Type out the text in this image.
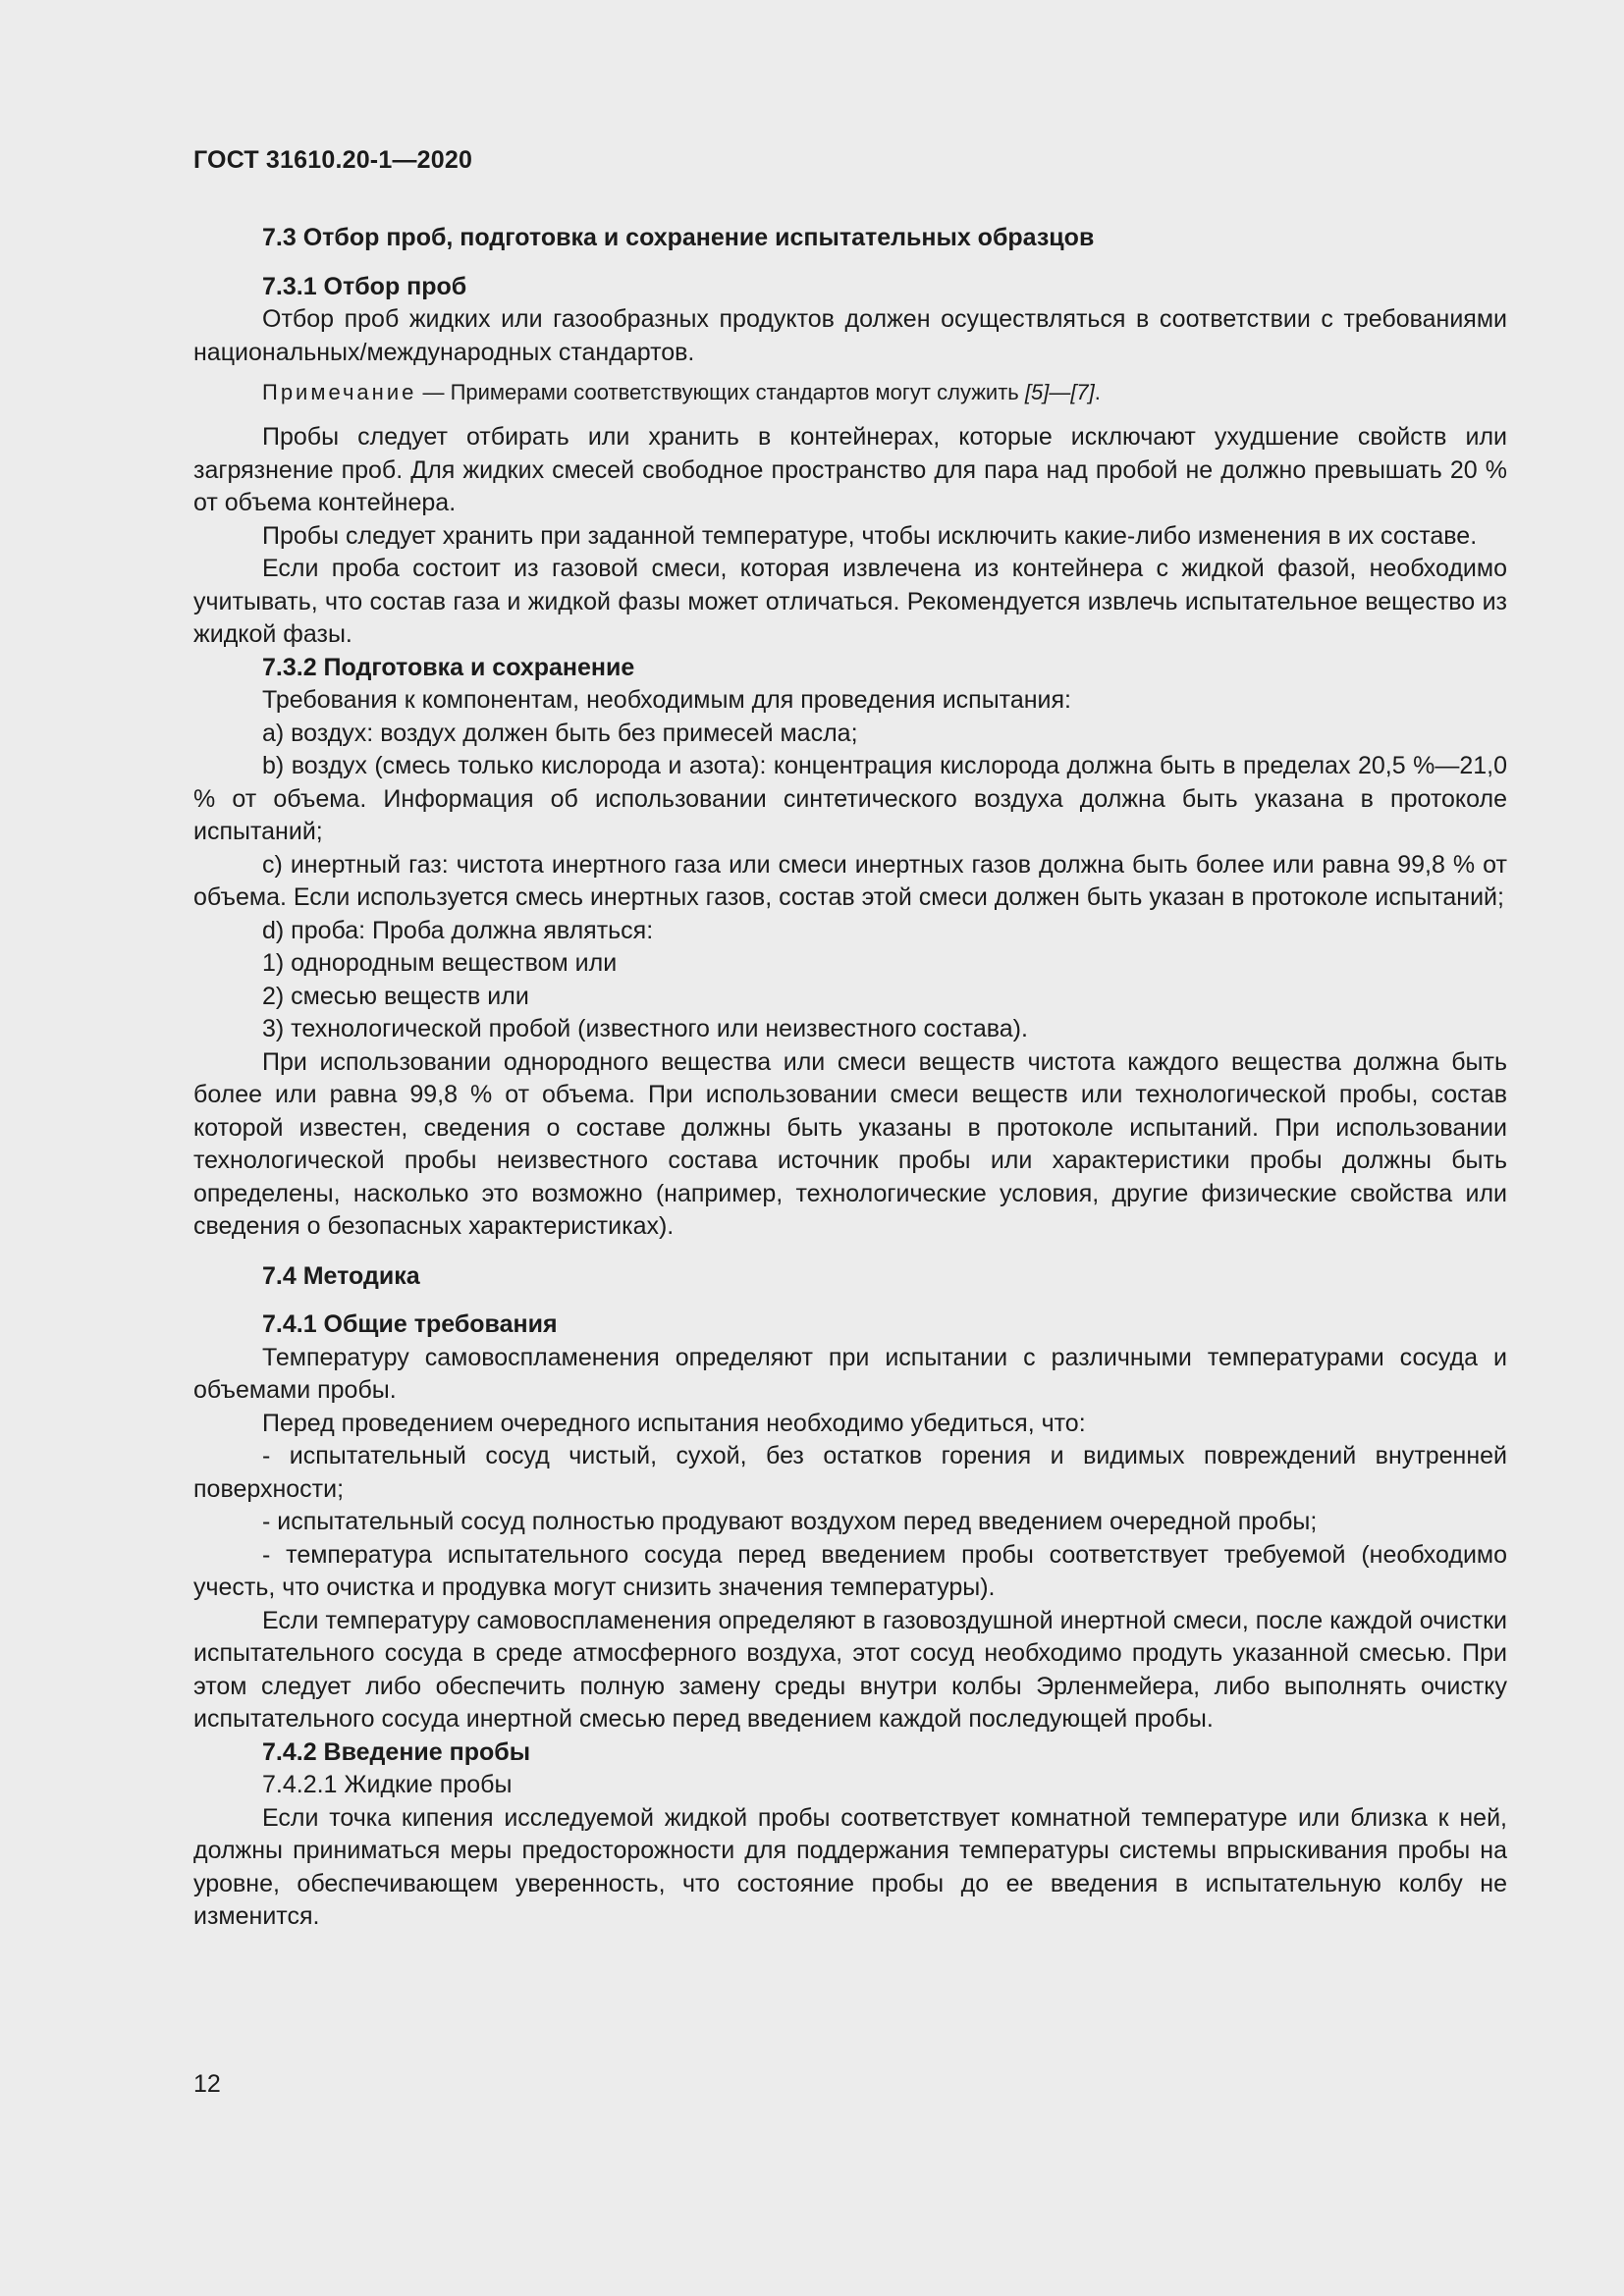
ГОСТ 31610.20-1—2020
7.3 Отбор проб, подготовка и сохранение испытательных образцов
7.3.1 Отбор проб

Отбор проб жидких или газообразных продуктов должен осуществляться в соответствии с требованиями национальных/международных стандартов.

Примечание — Примерами соответствующих стандартов могут служить [5]—[7].

Пробы следует отбирать или хранить в контейнерах, которые исключают ухудшение свойств или загрязнение проб. Для жидких смесей свободное пространство для пара над пробой не должно превышать 20 % от объема контейнера.

Пробы следует хранить при заданной температуре, чтобы исключить какие-либо изменения в их составе.

Если проба состоит из газовой смеси, которая извлечена из контейнера с жидкой фазой, необходимо учитывать, что состав газа и жидкой фазы может отличаться. Рекомендуется извлечь испытательное вещество из жидкой фазы.

7.3.2 Подготовка и сохранение

Требования к компонентам, необходимым для проведения испытания:

a) воздух: воздух должен быть без примесей масла;

b) воздух (смесь только кислорода и азота): концентрация кислорода должна быть в пределах 20,5 %—21,0 % от объема. Информация об использовании синтетического воздуха должна быть указана в протоколе испытаний;

c) инертный газ: чистота инертного газа или смеси инертных газов должна быть более или равна 99,8 % от объема. Если используется смесь инертных газов, состав этой смеси должен быть указан в протоколе испытаний;

d) проба: Проба должна являться:

1) однородным веществом или

2) смесью веществ или

3) технологической пробой (известного или неизвестного состава).

При использовании однородного вещества или смеси веществ чистота каждого вещества должна быть более или равна 99,8 % от объема. При использовании смеси веществ или технологической пробы, состав которой известен, сведения о составе должны быть указаны в протоколе испытаний. При использовании технологической пробы неизвестного состава источник пробы или характеристики пробы должны быть определены, насколько это возможно (например, технологические условия, другие физические свойства или сведения о безопасных характеристиках).

7.4 Методика
7.4.1 Общие требования

Температуру самовоспламенения определяют при испытании с различными температурами сосуда и объемами пробы.

Перед проведением очередного испытания необходимо убедиться, что:

- испытательный сосуд чистый, сухой, без остатков горения и видимых повреждений внутренней поверхности;

- испытательный сосуд полностью продувают воздухом перед введением очередной пробы;

- температура испытательного сосуда перед введением пробы соответствует требуемой (необходимо учесть, что очистка и продувка могут снизить значения температуры).

Если температуру самовоспламенения определяют в газовоздушной инертной смеси, после каждой очистки испытательного сосуда в среде атмосферного воздуха, этот сосуд необходимо продуть указанной смесью. При этом следует либо обеспечить полную замену среды внутри колбы Эрленмейера, либо выполнять очистку испытательного сосуда инертной смесью перед введением каждой последующей пробы.

7.4.2 Введение пробы
7.4.2.1 Жидкие пробы

Если точка кипения исследуемой жидкой пробы соответствует комнатной температуре или близка к ней, должны приниматься меры предосторожности для поддержания температуры системы впрыскивания пробы на уровне, обеспечивающем уверенность, что состояние пробы до ее введения в испытательную колбу не изменится.

12
